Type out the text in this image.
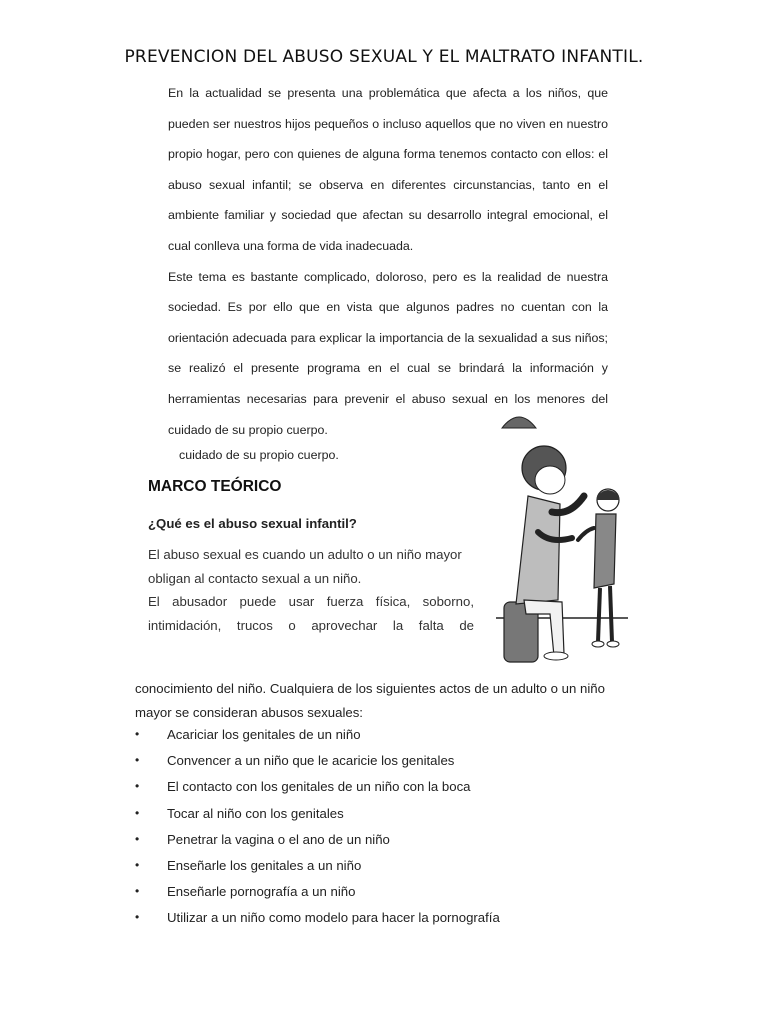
PREVENCION DEL ABUSO SEXUAL Y EL MALTRATO INFANTIL.

En la actualidad se presenta una problemática que afecta a los niños, que pueden ser nuestros hijos pequeños o incluso aquellos que no viven en nuestro propio hogar, pero con quienes de alguna forma tenemos contacto con ellos: el abuso sexual infantil; se observa en diferentes circunstancias, tanto en el ambiente familiar y sociedad que afectan su desarrollo integral emocional, el cual conlleva una forma de vida inadecuada.

Este tema es bastante complicado, doloroso, pero es la realidad de nuestra sociedad. Es por ello que en vista que algunos padres no cuentan con la orientación adecuada para explicar la importancia de la sexualidad a sus niños; se realizó el presente programa en el cual se brindará la información y herramientas necesarias para prevenir el abuso sexual en los menores del cuidado de su propio cuerpo.

cuidado de su propio cuerpo.
MARCO TEÓRICO
¿Qué es el abuso sexual infantil?

El abuso sexual es cuando un adulto o un niño mayor obligan al contacto sexual a un niño.

El abusador puede usar fuerza física, soborno, intimidación, trucos o aprovechar la falta de

conocimiento del niño. Cualquiera de los siguientes actos de un adulto o un niño mayor se consideran abusos sexuales:

• Acariciar los genitales de un niño
• Convencer a un niño que le acaricie los genitales
• El contacto con los genitales de un niño con la boca
• Tocar al niño con los genitales
• Penetrar la vagina o el ano de un niño
• Enseñarle los genitales a un niño
• Enseñarle pornografía a un niño
• Utilizar a un niño como modelo para hacer la pornografía
